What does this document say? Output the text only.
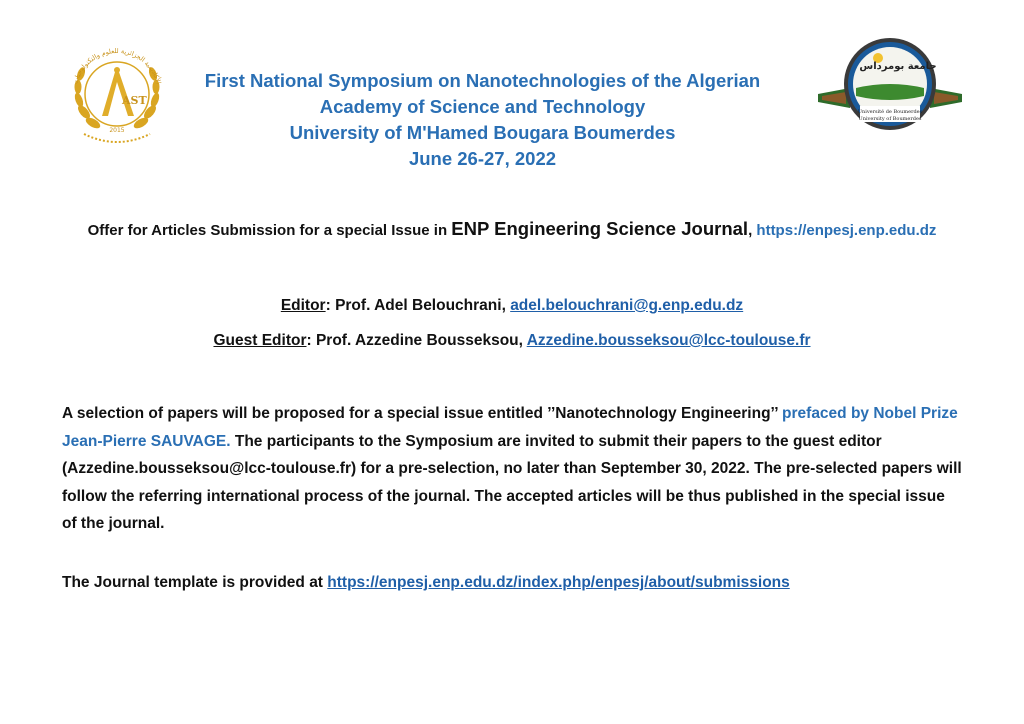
AST
2015
الأكاديمية الجزائرية للعلوم والتكنولوجيات
جامعة بومرداس
Université de Boumerdes
University of Boumerdes
First National Symposium on Nanotechnologies of the Algerian
Academy of Science and Technology
University of M'Hamed Bougara Boumerdes
June 26-27, 2022
Offer for Articles Submission for a special Issue in ENP Engineering Science Journal, https://enpesj.enp.edu.dz
Editor: Prof. Adel Belouchrani, adel.belouchrani@g.enp.edu.dz
Guest Editor: Prof. Azzedine Bousseksou, Azzedine.bousseksou@lcc-toulouse.fr
A selection of papers will be proposed for a special issue entitled ’’Nanotechnology Engineering’’ prefaced by Nobel Prize Jean-Pierre SAUVAGE. The participants to the Symposium are invited to submit their papers to the guest editor (Azzedine.bousseksou@lcc-toulouse.fr) for a pre-selection, no later than September 30, 2022. The pre-selected papers will follow the referring international process of the journal. The accepted articles will be thus published in the special issue of the journal.
The Journal template is provided at https://enpesj.enp.edu.dz/index.php/enpesj/about/submissions
